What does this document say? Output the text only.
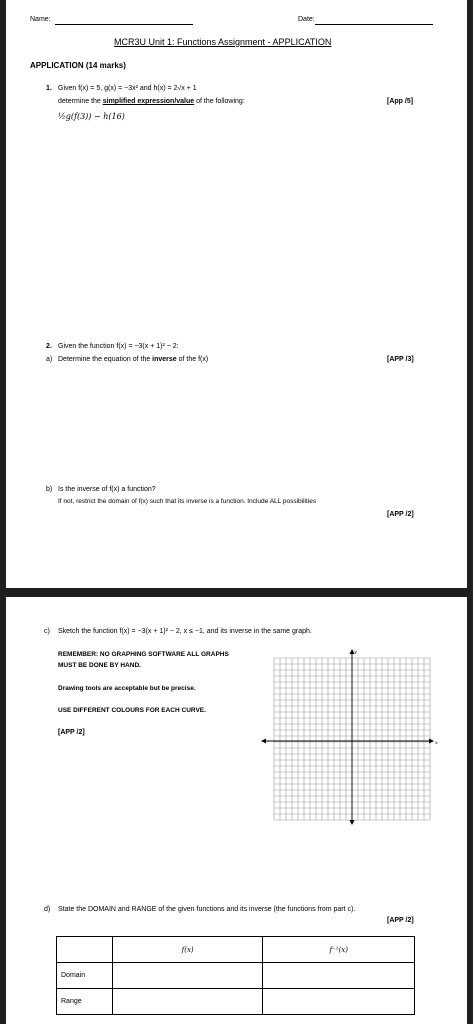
Name:	Date:
MCR3U Unit 1: Functions Assignment - APPLICATION
APPLICATION (14 marks)
1. Given f(x) = 5, g(x) = −3x² and h(x) = 2√x + 1
determine the simplified expression/value of the following:	[App /5]
½g(f(3)) − h(16)
2. Given the function f(x) = −3(x + 1)² − 2:
a) Determine the equation of the inverse of the f(x)	[APP /3]
b) Is the inverse of f(x) a function?
If not, restrict the domain of f(x) such that its inverse is a function. Include ALL possibilities
[APP /2]
c) Sketch the function f(x) = −3(x + 1)² − 2, x ≤ −1, and its inverse in the same graph.
REMEMBER: NO GRAPHING SOFTWARE ALL GRAPHS
MUST BE DONE BY HAND.
Drawing tools are acceptable but be precise.
USE DIFFERENT COLOURS FOR EACH CURVE.
[APP /2]
x
y
d) State the DOMAIN and RANGE of the given functions and its inverse (the functions from part c).
[APP /2]
	f(x)	f⁻¹(x)
Domain		
Range		
